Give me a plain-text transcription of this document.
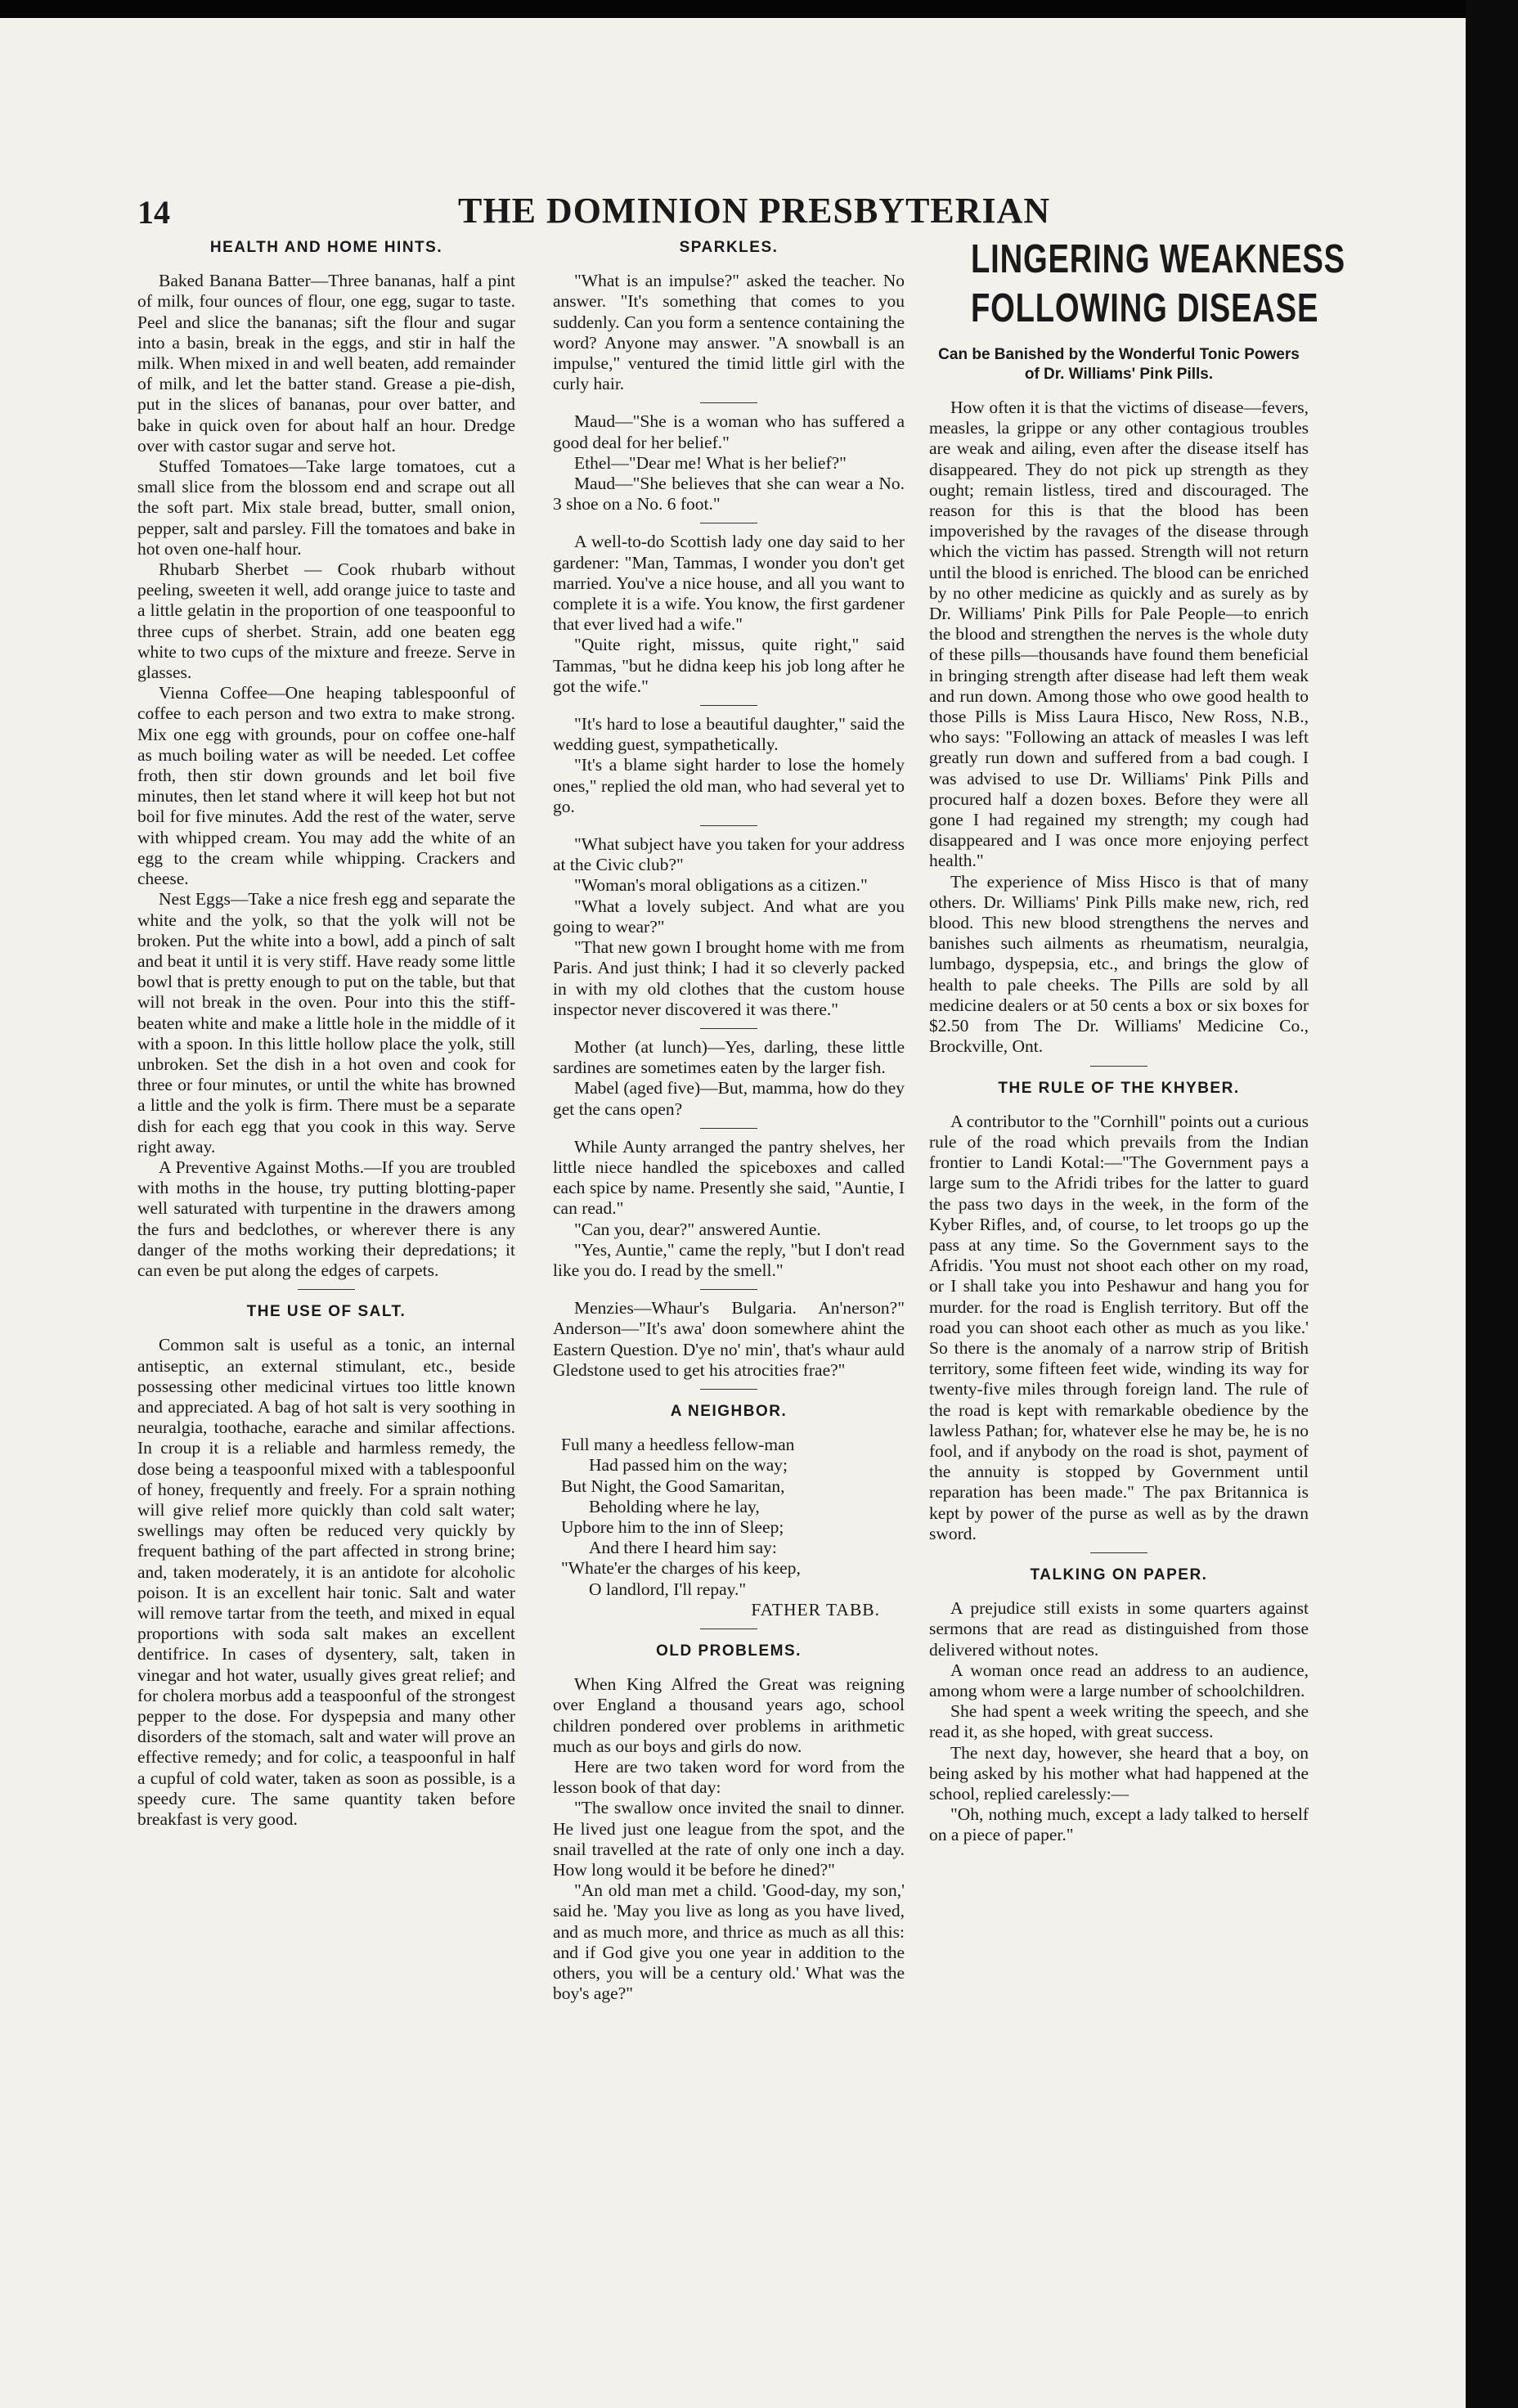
14	THE DOMINION PRESBYTERIAN
HEALTH AND HOME HINTS.

Baked Banana Batter—Three bananas, half a pint of milk, four ounces of flour, one egg, sugar to taste. Peel and slice the bananas; sift the flour and sugar into a basin, break in the eggs, and stir in half the milk. When mixed in and well beaten, add remainder of milk, and let the batter stand. Grease a pie-dish, put in the slices of bananas, pour over batter, and bake in quick oven for about half an hour. Dredge over with castor sugar and serve hot.

Stuffed Tomatoes—Take large tomatoes, cut a small slice from the blossom end and scrape out all the soft part. Mix stale bread, butter, small onion, pepper, salt and parsley. Fill the tomatoes and bake in hot oven one-half hour.

Rhubarb Sherbet — Cook rhubarb without peeling, sweeten it well, add orange juice to taste and a little gelatin in the proportion of one teaspoonful to three cups of sherbet. Strain, add one beaten egg white to two cups of the mixture and freeze. Serve in glasses.

Vienna Coffee—One heaping tablespoonful of coffee to each person and two extra to make strong. Mix one egg with grounds, pour on coffee one-half as much boiling water as will be needed. Let coffee froth, then stir down grounds and let boil five minutes, then let stand where it will keep hot but not boil for five minutes. Add the rest of the water, serve with whipped cream. You may add the white of an egg to the cream while whipping. Crackers and cheese.

Nest Eggs—Take a nice fresh egg and separate the white and the yolk, so that the yolk will not be broken. Put the white into a bowl, add a pinch of salt and beat it until it is very stiff. Have ready some little bowl that is pretty enough to put on the table, but that will not break in the oven. Pour into this the stiff-beaten white and make a little hole in the middle of it with a spoon. In this little hollow place the yolk, still unbroken. Set the dish in a hot oven and cook for three or four minutes, or until the white has browned a little and the yolk is firm. There must be a separate dish for each egg that you cook in this way. Serve right away.

A Preventive Against Moths.—If you are troubled with moths in the house, try putting blotting-paper well saturated with turpentine in the drawers among the furs and bedclothes, or wherever there is any danger of the moths working their depredations; it can even be put along the edges of carpets.

THE USE OF SALT.

Common salt is useful as a tonic, an internal antiseptic, an external stimulant, etc., beside possessing other medicinal virtues too little known and appreciated. A bag of hot salt is very soothing in neuralgia, toothache, earache and similar affections. In croup it is a reliable and harmless remedy, the dose being a teaspoonful mixed with a tablespoonful of honey, frequently and freely. For a sprain nothing will give relief more quickly than cold salt water; swellings may often be reduced very quickly by frequent bathing of the part affected in strong brine; and, taken moderately, it is an antidote for alcoholic poison. It is an excellent hair tonic. Salt and water will remove tartar from the teeth, and mixed in equal proportions with soda salt makes an excellent dentifrice. In cases of dysentery, salt, taken in vinegar and hot water, usually gives great relief; and for cholera morbus add a teaspoonful of the strongest pepper to the dose. For dyspepsia and many other disorders of the stomach, salt and water will prove an effective remedy; and for colic, a teaspoonful in half a cupful of cold water, taken as soon as possible, is a speedy cure. The same quantity taken before breakfast is very good.

SPARKLES.

"What is an impulse?" asked the teacher. No answer. "It's something that comes to you suddenly. Can you form a sentence containing the word? Anyone may answer. "A snowball is an impulse," ventured the timid little girl with the curly hair.

Maud—"She is a woman who has suffered a good deal for her belief."

Ethel—"Dear me! What is her belief?"

Maud—"She believes that she can wear a No. 3 shoe on a No. 6 foot."

A well-to-do Scottish lady one day said to her gardener: "Man, Tammas, I wonder you don't get married. You've a nice house, and all you want to complete it is a wife. You know, the first gardener that ever lived had a wife."

"Quite right, missus, quite right," said Tammas, "but he didna keep his job long after he got the wife."

"It's hard to lose a beautiful daughter," said the wedding guest, sympathetically.

"It's a blame sight harder to lose the homely ones," replied the old man, who had several yet to go.

"What subject have you taken for your address at the Civic club?"

"Woman's moral obligations as a citizen."

"What a lovely subject. And what are you going to wear?"

"That new gown I brought home with me from Paris. And just think; I had it so cleverly packed in with my old clothes that the custom house inspector never discovered it was there."

Mother (at lunch)—Yes, darling, these little sardines are sometimes eaten by the larger fish.

Mabel (aged five)—But, mamma, how do they get the cans open?

While Aunty arranged the pantry shelves, her little niece handled the spiceboxes and called each spice by name. Presently she said, "Auntie, I can read."

"Can you, dear?" answered Auntie.

"Yes, Auntie," came the reply, "but I don't read like you do. I read by the smell."

Menzies—Whaur's Bulgaria. An'nerson?" Anderson—"It's awa' doon somewhere ahint the Eastern Question. D'ye no' min', that's whaur auld Gledstone used to get his atrocities frae?"

A NEIGHBOR.
Full many a heedless fellow-man
Had passed him on the way;
But Night, the Good Samaritan,
Beholding where he lay,
Upbore him to the inn of Sleep;
And there I heard him say:
"Whate'er the charges of his keep,
O landlord, I'll repay."
FATHER TABB.
OLD PROBLEMS.

When King Alfred the Great was reigning over England a thousand years ago, school children pondered over problems in arithmetic much as our boys and girls do now.

Here are two taken word for word from the lesson book of that day:

"The swallow once invited the snail to dinner. He lived just one league from the spot, and the snail travelled at the rate of only one inch a day. How long would it be before he dined?"

"An old man met a child. 'Good-day, my son,' said he. 'May you live as long as you have lived, and as much more, and thrice as much as all this: and if God give you one year in addition to the others, you will be a century old.' What was the boy's age?"

LINGERING WEAKNESS
FOLLOWING DISEASE
Can be Banished by the Wonderful Tonic Powers of Dr. Williams' Pink Pills.

How often it is that the victims of disease—fevers, measles, la grippe or any other contagious troubles are weak and ailing, even after the disease itself has disappeared. They do not pick up strength as they ought; remain listless, tired and discouraged. The reason for this is that the blood has been impoverished by the ravages of the disease through which the victim has passed. Strength will not return until the blood is enriched. The blood can be enriched by no other medicine as quickly and as surely as by Dr. Williams' Pink Pills for Pale People—to enrich the blood and strengthen the nerves is the whole duty of these pills—thousands have found them beneficial in bringing strength after disease had left them weak and run down. Among those who owe good health to those Pills is Miss Laura Hisco, New Ross, N.B., who says: "Following an attack of measles I was left greatly run down and suffered from a bad cough. I was advised to use Dr. Williams' Pink Pills and procured half a dozen boxes. Before they were all gone I had regained my strength; my cough had disappeared and I was once more enjoying perfect health."

The experience of Miss Hisco is that of many others. Dr. Williams' Pink Pills make new, rich, red blood. This new blood strengthens the nerves and banishes such ailments as rheumatism, neuralgia, lumbago, dyspepsia, etc., and brings the glow of health to pale cheeks. The Pills are sold by all medicine dealers or at 50 cents a box or six boxes for $2.50 from The Dr. Williams' Medicine Co., Brockville, Ont.

THE RULE OF THE KHYBER.

A contributor to the "Cornhill" points out a curious rule of the road which prevails from the Indian frontier to Landi Kotal:—"The Government pays a large sum to the Afridi tribes for the latter to guard the pass two days in the week, in the form of the Kyber Rifles, and, of course, to let troops go up the pass at any time. So the Government says to the Afridis. 'You must not shoot each other on my road, or I shall take you into Peshawur and hang you for murder. for the road is English territory. But off the road you can shoot each other as much as you like.' So there is the anomaly of a narrow strip of British territory, some fifteen feet wide, winding its way for twenty-five miles through foreign land. The rule of the road is kept with remarkable obedience by the lawless Pathan; for, whatever else he may be, he is no fool, and if anybody on the road is shot, payment of the annuity is stopped by Government until reparation has been made." The pax Britannica is kept by power of the purse as well as by the drawn sword.

TALKING ON PAPER.

A prejudice still exists in some quarters against sermons that are read as distinguished from those delivered without notes.

A woman once read an address to an audience, among whom were a large number of schoolchildren.

She had spent a week writing the speech, and she read it, as she hoped, with great success.

The next day, however, she heard that a boy, on being asked by his mother what had happened at the school, replied carelessly:—

"Oh, nothing much, except a lady talked to herself on a piece of paper."
